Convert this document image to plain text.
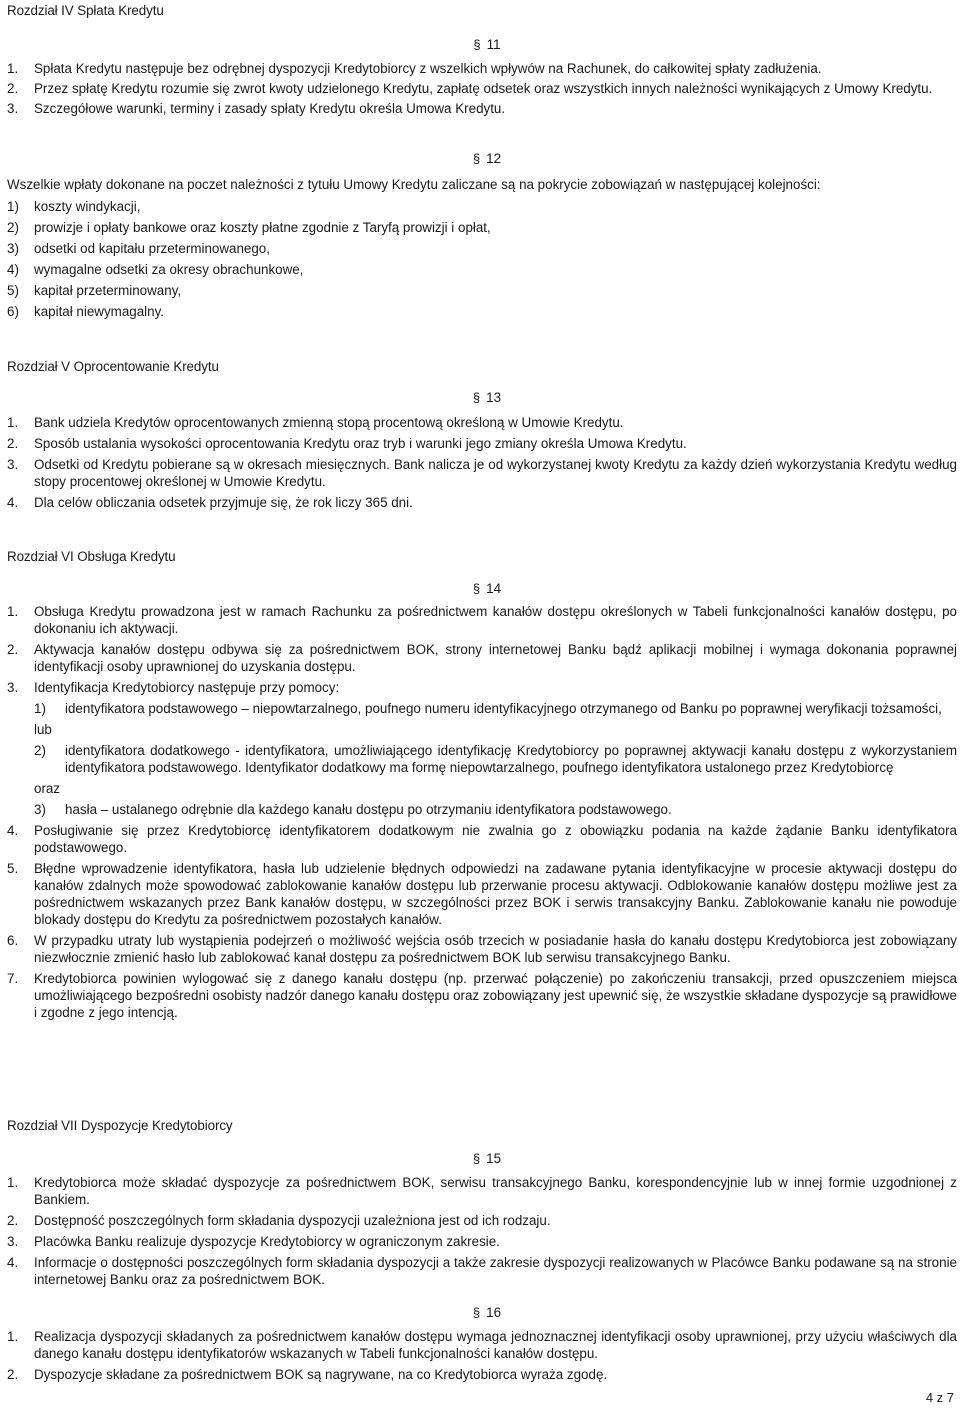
Rozdział IV Spłata Kredytu
§ 11
1. Spłata Kredytu następuje bez odrębnej dyspozycji Kredytobiorcy z wszelkich wpływów na Rachunek, do całkowitej spłaty zadłużenia.
2. Przez spłatę Kredytu rozumie się zwrot kwoty udzielonego Kredytu, zapłatę odsetek oraz wszystkich innych należności wynikających z Umowy Kredytu.
3. Szczegółowe warunki, terminy i zasady spłaty Kredytu określa Umowa Kredytu.
§ 12
Wszelkie wpłaty dokonane na poczet należności z tytułu Umowy Kredytu zaliczane są na pokrycie zobowiązań w następującej kolejności:
1) koszty windykacji,
2) prowizje i opłaty bankowe oraz koszty płatne zgodnie z Taryfą prowizji i opłat,
3) odsetki od kapitału przeterminowanego,
4) wymagalne odsetki za okresy obrachunkowe,
5) kapitał przeterminowany,
6) kapitał niewymagalny.
Rozdział V Oprocentowanie Kredytu
§ 13
1. Bank udziela Kredytów oprocentowanych zmienną stopą procentową określoną w Umowie Kredytu.
2. Sposób ustalania wysokości oprocentowania Kredytu oraz tryb i warunki jego zmiany określa Umowa Kredytu.
3. Odsetki od Kredytu pobierane są w okresach miesięcznych. Bank nalicza je od wykorzystanej kwoty Kredytu za każdy dzień wykorzystania Kredytu według stopy procentowej określonej w Umowie Kredytu.
4. Dla celów obliczania odsetek przyjmuje się, że rok liczy 365 dni.
Rozdział VI Obsługa Kredytu
§ 14
1. Obsługa Kredytu prowadzona jest w ramach Rachunku za pośrednictwem kanałów dostępu określonych w Tabeli funkcjonalności kanałów dostępu, po dokonaniu ich aktywacji.
2. Aktywacja kanałów dostępu odbywa się za pośrednictwem BOK, strony internetowej Banku bądź aplikacji mobilnej i wymaga dokonania poprawnej identyfikacji osoby uprawnionej do uzyskania dostępu.
3. Identyfikacja Kredytobiorcy następuje przy pomocy:
1) identyfikatora podstawowego – niepowtarzalnego, poufnego numeru identyfikacyjnego otrzymanego od Banku po poprawnej weryfikacji tożsamości,
lub
2) identyfikatora dodatkowego - identyfikatora, umożliwiającego identyfikację Kredytobiorcy po poprawnej aktywacji kanału dostępu z wykorzystaniem identyfikatora podstawowego. Identyfikator dodatkowy ma formę niepowtarzalnego, poufnego identyfikatora ustalonego przez Kredytobiorcę
oraz
3) hasła – ustalanego odrębnie dla każdego kanału dostępu po otrzymaniu identyfikatora podstawowego.
4. Posługiwanie się przez Kredytobiorcę identyfikatorem dodatkowym nie zwalnia go z obowiązku podania na każde żądanie Banku identyfikatora podstawowego.
5. Błędne wprowadzenie identyfikatora, hasła lub udzielenie błędnych odpowiedzi na zadawane pytania identyfikacyjne w procesie aktywacji dostępu do kanałów zdalnych może spowodować zablokowanie kanałów dostępu lub przerwanie procesu aktywacji. Odblokowanie kanałów dostępu możliwe jest za pośrednictwem wskazanych przez Bank kanałów dostępu, w szczególności przez BOK i serwis transakcyjny Banku. Zablokowanie kanału nie powoduje blokady dostępu do Kredytu za pośrednictwem pozostałych kanałów.
6. W przypadku utraty lub wystąpienia podejrzeń o możliwość wejścia osób trzecich w posiadanie hasła do kanału dostępu Kredytobiorca jest zobowiązany niezwłocznie zmienić hasło lub zablokować kanał dostępu za pośrednictwem BOK lub serwisu transakcyjnego Banku.
7. Kredytobiorca powinien wylogować się z danego kanału dostępu (np. przerwać połączenie) po zakończeniu transakcji, przed opuszczeniem miejsca umożliwiającego bezpośredni osobisty nadzór danego kanału dostępu oraz zobowiązany jest upewnić się, że wszystkie składane dyspozycje są prawidłowe i zgodne z jego intencją.
Rozdział VII Dyspozycje Kredytobiorcy
§ 15
1. Kredytobiorca może składać dyspozycje za pośrednictwem BOK, serwisu transakcyjnego Banku, korespondencyjnie lub w innej formie uzgodnionej z Bankiem.
2. Dostępność poszczególnych form składania dyspozycji uzależniona jest od ich rodzaju.
3. Placówka Banku realizuje dyspozycje Kredytobiorcy w ograniczonym zakresie.
4. Informacje o dostępności poszczególnych form składania dyspozycji a także zakresie dyspozycji realizowanych w Placówce Banku podawane są na stronie internetowej Banku oraz za pośrednictwem BOK.
§ 16
1. Realizacja dyspozycji składanych za pośrednictwem kanałów dostępu wymaga jednoznacznej identyfikacji osoby uprawnionej, przy użyciu właściwych dla danego kanału dostępu identyfikatorów wskazanych w Tabeli funkcjonalności kanałów dostępu.
2. Dyspozycje składane za pośrednictwem BOK są nagrywane, na co Kredytobiorca wyraża zgodę.
4 z 7
